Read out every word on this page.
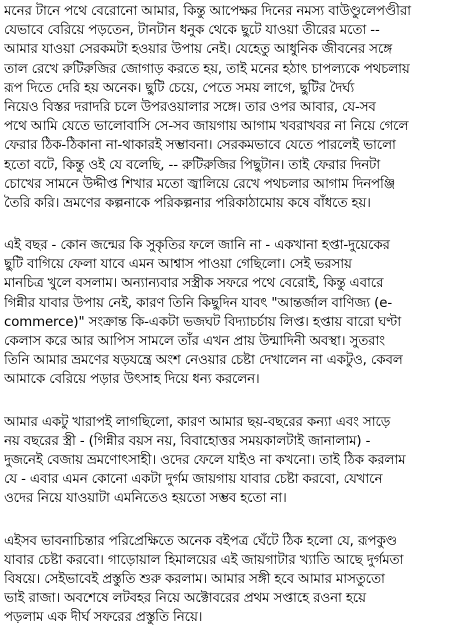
মনের টানে পথে বেরোনো আমার, কিন্তু আপেক্ষর দিনের নমস্য বাউণ্ডুলেপণ্ডীরা
যেভাবে বেরিয়ে পড়তেন, টানটান ধনুক থেকে ছুটে যাওয়া তীরের মতো --
আমার যাওয়া সেরকমটা হওয়ার উপায় নেই। যেহেতু আধুনিক জীবনের সঙ্গে
তাল রেখে রুটিরুজির জোগাড় করতে হয়, তাই মনের হঠাৎ চাপল্যকে পথচলায়
রূপ দিতে দেরি হয় অনেক। ছুটি চেয়ে, পেতে সময় লাগে, ছুটির দৈর্ঘ্য
নিয়েও বিস্তর দরাদরি চলে উপরওয়ালার সঙ্গে। তার ওপর আবার, যে-সব
পথে আমি যেতে ভালোবাসি সে-সব জায়গায় আগাম খবরাখবর না নিয়ে গেলে
ফেরার ঠিক-ঠিকানা না-থাকারই সম্ভাবনা। সেরকমভাবে যেতে পারলেই ভালো
হতো বটে, কিন্তু ওই যে বলেছি, -- রুটিরুজির পিছুটান। তাই ফেরার দিনটা
চোখের সামনে উদ্দীপ্ত শিখার মতো জ্বালিয়ে রেখে পথচলার আগাম দিনপঞ্জি
তৈরি করি। ভ্রমণের কল্পনাকে পরিকল্পনার পরিকাঠামোয় কষে বাঁধতে হয়।
এই বছর - কোন জন্মের কি সুকৃতির ফলে জানি না - একখানা হপ্তা-দুয়েকের
ছুটি বাগিয়ে ফেলা যাবে এমন আশ্বাস পাওয়া গেছিলো। সেই ভরসায়
মানচিত্র খুলে বসলাম। অন্যান্যবার সস্ত্রীক সফরে পথে বেরোই, কিন্তু এবারে
গিন্নীর যাবার উপায় নেই, কারণ তিনি কিছুদিন যাবৎ "আন্তর্জাল বাণিজ্য (e-
commerce)" সংক্রান্ত কি-একটা ভজঘট বিদ্যাচর্চায় লিপ্ত। হপ্তায় বারো ঘণ্টা
কেলাস করে আর আপিস সামলে তাঁর এখন প্রায় উন্মাদিনী অবস্থা। সুতরাং
তিনি আমার ভ্রমণের ষড়যন্ত্রে অংশ নেওয়ার চেষ্টা দেখালেন না একটুও, কেবল
আমাকে বেরিয়ে পড়ার উৎসাহ দিয়ে ধন্য করলেন।
আমার একটু খারাপই লাগছিলো, কারণ আমার ছয়-বছরের কন্যা এবং সাড়ে
নয় বছরের স্ত্রী - (গিন্নীর বয়স নয়, বিবাহোত্তর সময়কালটাই জানালাম) -
দুজনেই বেজায় ভ্রমণোৎসাহী। ওদের ফেলে যাইও না কখনো। তাই ঠিক করলাম
যে - এবার এমন কোনো একটা দুর্গম জায়গায় যাবার চেষ্টা করবো, যেখানে
ওদের নিয়ে যাওয়াটা এমনিতেও হয়তো সম্ভব হতো না।
এইসব ভাবনাচিন্তার পরিপ্রেক্ষিতে অনেক বইপত্র ঘেঁটে ঠিক হলো যে, রূপকুণ্ড
যাবার চেষ্টা করবো। গাড়োয়াল হিমালয়ের এই জায়গাটার খ্যাতি আছে দুর্গমতা
বিষয়ে। সেইভাবেই প্রস্তুতি শুরু করলাম। আমার সঙ্গী হবে আমার মাসতুতো
ভাই রাজা। অবশেষে লটবহর নিয়ে অক্টোবরের প্রথম সপ্তাহে রওনা হয়ে
পড়লাম এক দীর্ঘ সফরের প্রস্তুতি নিয়ে।
